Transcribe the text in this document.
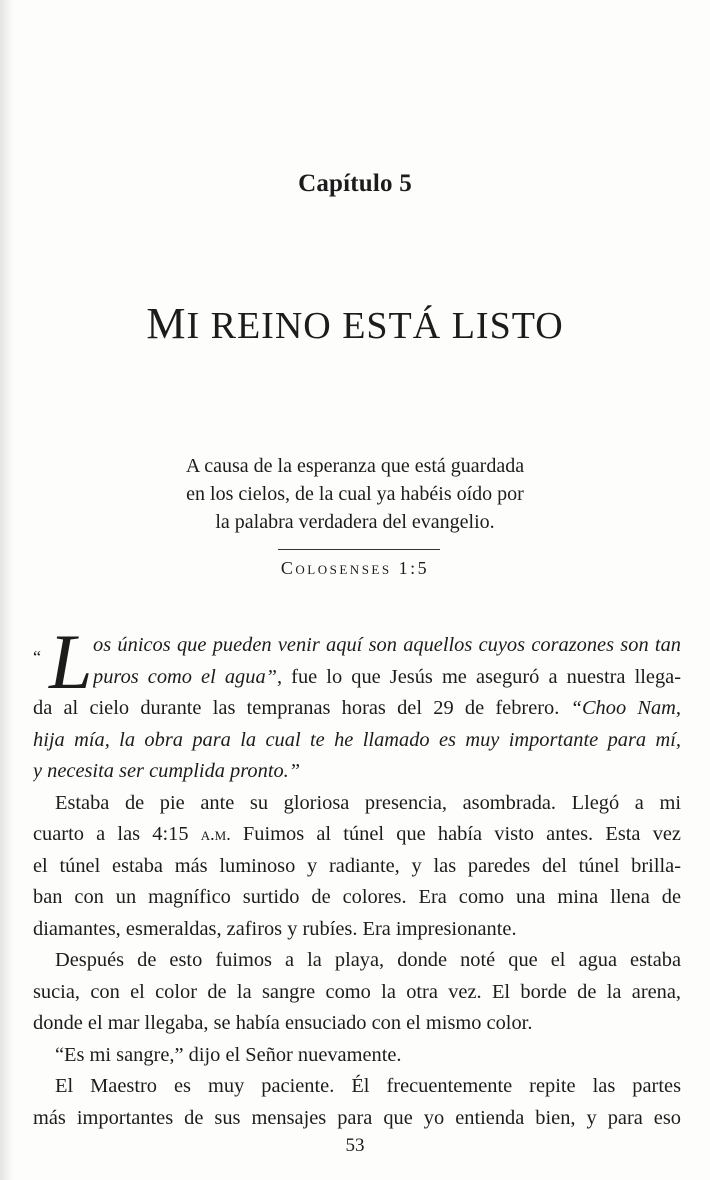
Capítulo 5
MI REINO ESTÁ LISTO
A causa de la esperanza que está guardada
en los cielos, de la cual ya habéis oído por
la palabra verdadera del evangelio.
Colosenses 1:5
“ L os únicos que pueden venir aquí son aquellos cuyos corazones son tan
puros como el agua”, fue lo que Jesús me aseguró a nuestra llega-
da al cielo durante las tempranas horas del 29 de febrero. “Choo Nam,
hija mía, la obra para la cual te he llamado es muy importante para mí,
y necesita ser cumplida pronto.”
Estaba de pie ante su gloriosa presencia, asombrada. Llegó a mi
cuarto a las 4:15 a.m. Fuimos al túnel que había visto antes. Esta vez
el túnel estaba más luminoso y radiante, y las paredes del túnel brilla-
ban con un magnífico surtido de colores. Era como una mina llena de
diamantes, esmeraldas, zafiros y rubíes. Era impresionante.
Después de esto fuimos a la playa, donde noté que el agua estaba
sucia, con el color de la sangre como la otra vez. El borde de la arena,
donde el mar llegaba, se había ensuciado con el mismo color.
“Es mi sangre,” dijo el Señor nuevamente.
El Maestro es muy paciente. Él frecuentemente repite las partes
más importantes de sus mensajes para que yo entienda bien, y para eso
53
